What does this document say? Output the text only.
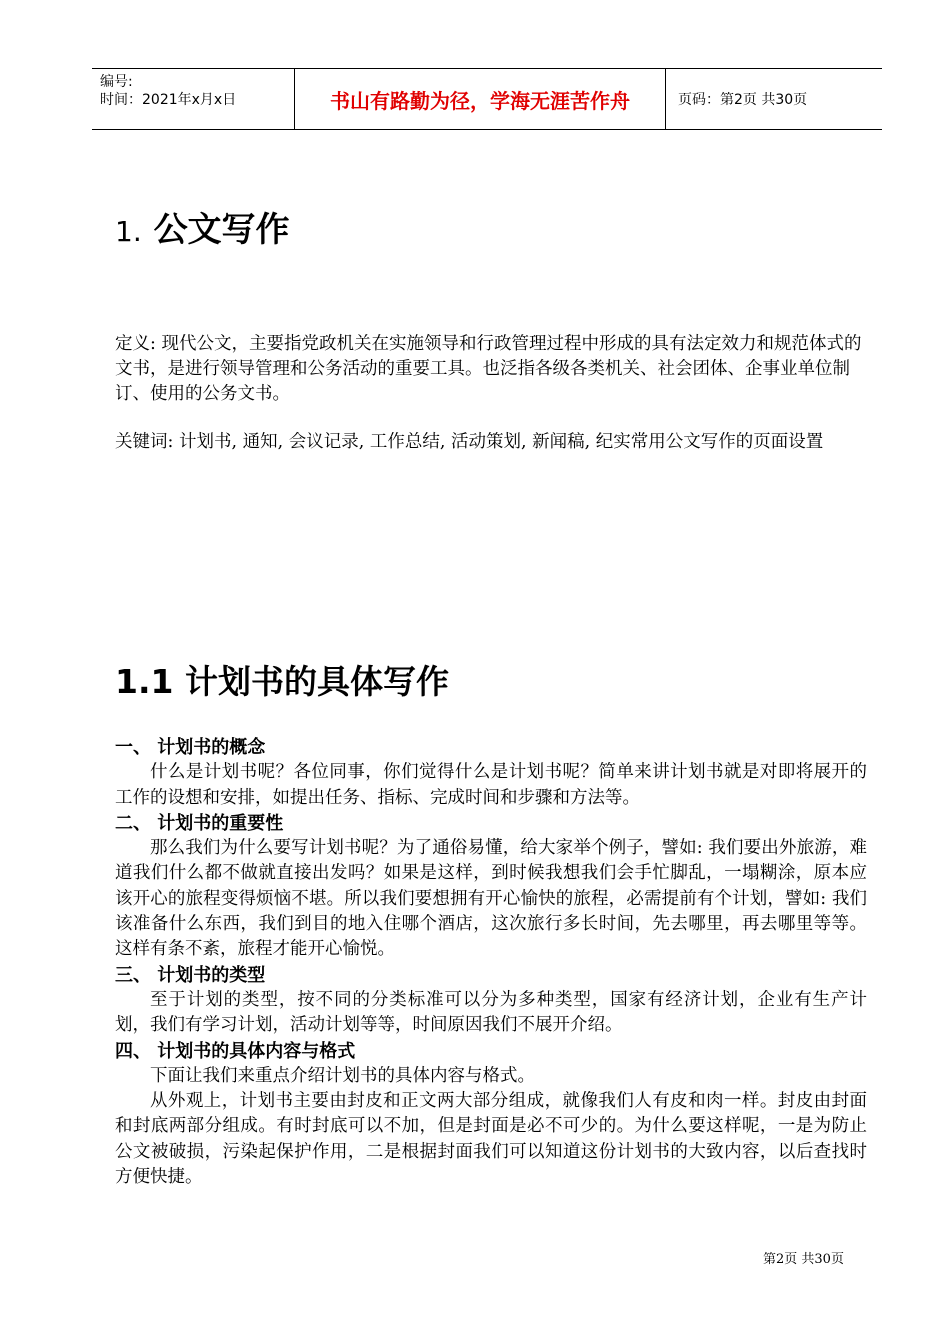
编号:
时间：2021年x月x日	书山有路勤为径，学海无涯苦作舟	页码：第2页 共30页
1. 公文写作
定义: 现代公文，主要指党政机关在实施领导和行政管理过程中形成的具有法定效力和规范体式的文书，是进行领导管理和公务活动的重要工具。也泛指各级各类机关、社会团体、企事业单位制订、使用的公务文书。
关键词: 计划书, 通知, 会议记录, 工作总结, 活动策划, 新闻稿, 纪实常用公文写作的页面设置
1.1 计划书的具体写作
一、 计划书的概念
什么是计划书呢？各位同事，你们觉得什么是计划书呢？简单来讲计划书就是对即将展开的工作的设想和安排，如提出任务、指标、完成时间和步骤和方法等。
二、 计划书的重要性
那么我们为什么要写计划书呢？为了通俗易懂，给大家举个例子，譬如: 我们要出外旅游，难道我们什么都不做就直接出发吗？如果是这样，到时候我想我们会手忙脚乱，一塌糊涂，原本应该开心的旅程变得烦恼不堪。所以我们要想拥有开心愉快的旅程，必需提前有个计划，譬如: 我们该准备什么东西，我们到目的地入住哪个酒店，这次旅行多长时间，先去哪里，再去哪里等等。这样有条不紊，旅程才能开心愉悦。
三、 计划书的类型
至于计划的类型，按不同的分类标准可以分为多种类型，国家有经济计划，企业有生产计划，我们有学习计划，活动计划等等，时间原因我们不展开介绍。
四、 计划书的具体内容与格式
下面让我们来重点介绍计划书的具体内容与格式。
从外观上，计划书主要由封皮和正文两大部分组成，就像我们人有皮和肉一样。封皮由封面和封底两部分组成。有时封底可以不加，但是封面是必不可少的。为什么要这样呢，一是为防止公文被破损，污染起保护作用，二是根据封面我们可以知道这份计划书的大致内容，以后查找时方便快捷。
第2页 共30页
